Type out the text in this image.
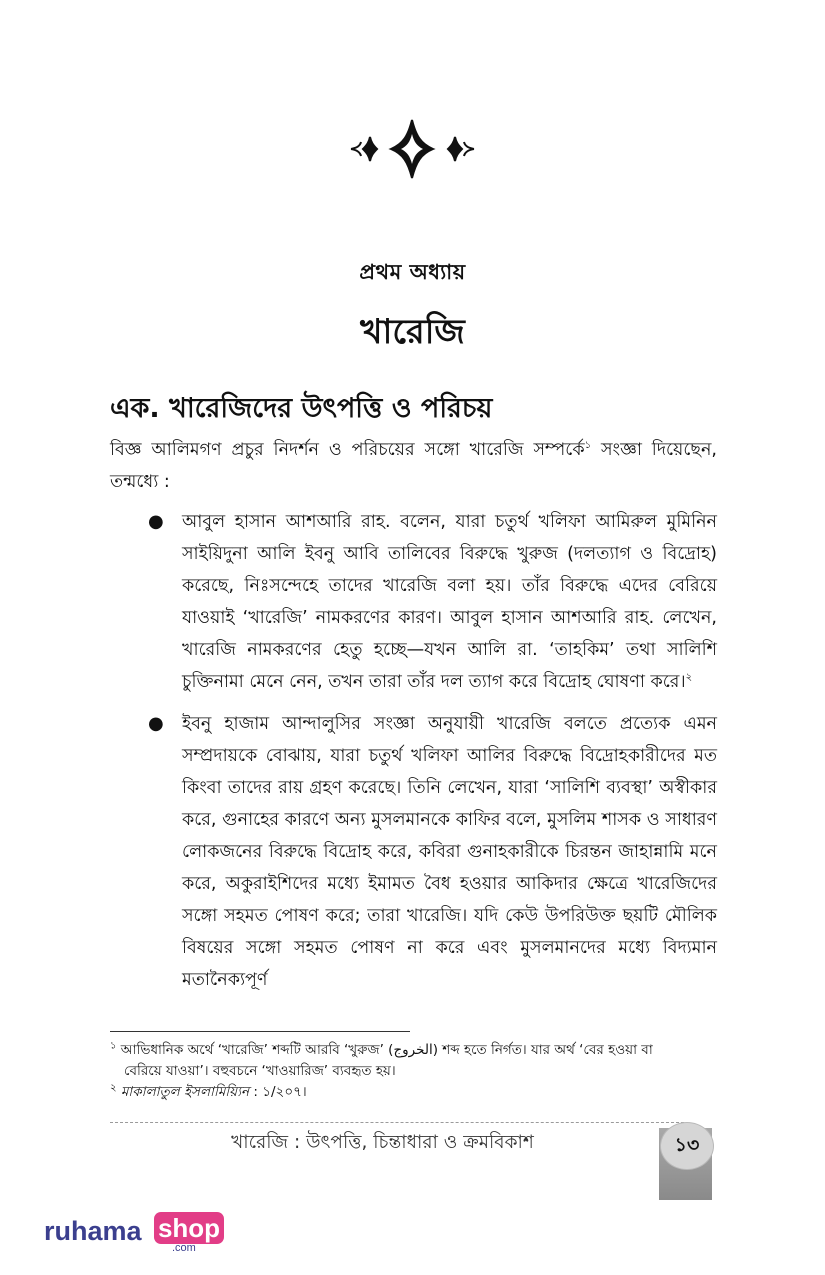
প্রথম অধ্যায়
খারেজি
এক. খারেজিদের উৎপত্তি ও পরিচয়
বিজ্ঞ আলিমগণ প্রচুর নিদর্শন ও পরিচয়ের সঙ্গো খারেজি সম্পর্কে$^১$ সংজ্ঞা দিয়েছেন, তন্মধ্যে :
● আবুল হাসান আশআরি রাহ. বলেন, যারা চতুর্থ খলিফা আমিরুল মুমিনিন সাইয়িদুনা আলি ইবনু আবি তালিবের বিরুদ্ধে খুরুজ (দলত্যাগ ও বিদ্রোহ) করেছে, নিঃসন্দেহে তাদের খারেজি বলা হয়। তাঁর বিরুদ্ধে এদের বেরিয়ে যাওয়াই ‘খারেজি’ নামকরণের কারণ। আবুল হাসান আশআরি রাহ. লেখেন, খারেজি নামকরণের হেতু হচ্ছে—যখন আলি রা. ‘তাহকিম’ তথা সালিশি চুক্তিনামা মেনে নেন, তখন তারা তাঁর দল ত্যাগ করে বিদ্রোহ ঘোষণা করে।$^২$
● ইবনু হাজাম আন্দালুসির সংজ্ঞা অনুযায়ী খারেজি বলতে প্রত্যেক এমন সম্প্রদায়কে বোঝায়, যারা চতুর্থ খলিফা আলির বিরুদ্ধে বিদ্রোহকারীদের মত কিংবা তাদের রায় গ্রহণ করেছে। তিনি লেখেন, যারা ‘সালিশি ব্যবস্থা’ অস্বীকার করে, গুনাহের কারণে অন্য মুসলমানকে কাফির বলে, মুসলিম শাসক ও সাধারণ লোকজনের বিরুদ্ধে বিদ্রোহ করে, কবিরা গুনাহকারীকে চিরন্তন জাহান্নামি মনে করে, অকুরাইশিদের মধ্যে ইমামত বৈধ হওয়ার আকিদার ক্ষেত্রে খারেজিদের সঙ্গো সহমত পোষণ করে; তারা খারেজি। যদি কেউ উপরিউক্ত ছয়টি মৌলিক বিষয়ের সঙ্গো সহমত পোষণ না করে এবং মুসলমানদের মধ্যে বিদ্যমান মতানৈক্যপূর্ণ

$^১$ আভিধানিক অর্থে ‘খারেজি’ শব্দটি আরবি ‘খুরুজ’ (الخروج) শব্দ হতে নির্গত। যার অর্থ ‘বের হওয়া বা

বেরিয়ে যাওয়া’। বহুবচনে ‘খাওয়ারিজ’ ব্যবহৃত হয়।

$^২$ মাকালাতুল ইসলামিয়্যিন : ১/২০৭।

খারেজি : উৎপত্তি, চিন্তাধারা ও ক্রমবিকাশ	১৩
ruhama shop
.com
